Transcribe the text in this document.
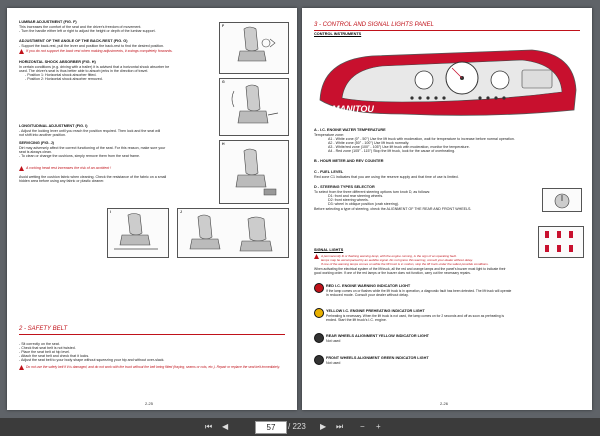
LUMBAR ADJUSTMENT (FIG. F)
This increases the comfort of the seat and the driver's freedom of movement.
- Turn the handle either left or right to adjust the height or depth of the lumbar support.
ADJUSTMENT OF THE ANGLE OF THE BACK-REST (FIG. G)
- Support the back-rest, pull the lever and position the back-rest to find the desired position.
If you do not support the back rest when making adjustments, it swings completely forwards.
HORIZONTAL SHOCK ABSORBER (FIG. H)
In certain conditions (e.g. driving with a trailer) it is advised that a horizontal shock absorber be
used. The driver's seat is thus better able to absorb jerks in the direction of travel.
- Position 1: Horizontal shock absorber fitted.
- Position 2: Horizontal shock absorber removed.
LONGITUDINAL ADJUSTMENT (FIG. I)
- Adjust the locking lever until you reach the position required. Then lock and the seat will
not shift into another position.
SERVICING (FIG. J)
Dirt may adversely affect the correct functioning of the seat. For this reason, make sure your
seat is always clean.
- To clean or change the cushions, simply remove them from the seat frame.
A rocking head rest increases the risk of an accident !
Avoid wetting the cushion fabric when cleaning. Check the resistance of the fabric on a small
hidden area before using any fabric or plastic cleaner.
F
G
H
I	J
2 - SAFETY BELT
- Sit correctly on the seat.
- Check that seat belt is not twisted.
- Place the seat belt at hip level.
- Attach the seat belt and check that it locks.
- Adjust the seat belt to your body shape without squeezing your hip and without over-slack.
Do not use the safety belt if it is damaged, and do not work with the truck without the belt being fitted (fraying, seams or cuts, etc.). Repair or replace the seat belt immediately.
2-25
3 - CONTROL AND SIGNAL LIGHTS PANEL
CONTROL INSTRUMENTS
MANITOU
A - I.C. ENGINE WATER TEMPERATURE
Temperature zone:
A1 - White zone (0° - 50°) Use the lift truck with moderation, wait for temperature to increase before normal operation.
A2 - White zone (50° - 100°) Use lift truck normally.
A3 - White/red zone (100° - 105°) Use lift truck with moderation, monitor the temperature.
A4 - Red zone (105° - 115°) Stop the lift truck, look for the cause of overheating.
B - HOUR METER AND REV COUNTER
C - FUEL LEVEL
Red zone C1 indicates that you are using the reserve supply and that time of use is limited.
D - STEERING TYPES SELECTOR
To select from the three different steering options turn knob D, as follows:
D1: front and rear steering wheels.
D2: front steering wheels.
D3: wheel in oblique position (crab steering).
Before selecting a type of steering, check the ALIGNMENT OF THE REAR AND FRONT WHEELS.
SIGNAL LIGHTS
A permanently lit or flashing warning lamp, with the engine running, is the sign of an operating fault.
lamps may be accompanied by an audible signal. Do not ignore this warning, consult your dealer without delay.
If one of the warning lamps comes on while the lift truck is in motion, stop the lift truck under the safest possible conditions.
When activating the electrical system of the lift truck, all the red and orange lamps and the panel's buzzer must light to indicate their
good working order. If one of the red lamps or the buzzer does not function, carry out the necessary repairs.
RED I.C. ENGINE WARNING INDICATOR LIGHT
If the lamp comes on or flashes while the lift truck is in operation, a diagnostic fault has been detected. The lift truck will operate
in reduced mode. Consult your dealer without delay.
YELLOW I.C. ENGINE PREHEATING INDICATOR LIGHT
Preheating is necessary. When the lift truck is not used, the lamp comes on for 2 seconds and off as soon as preheating is
ended. Start the lift truck's I.C. engine.
REAR WHEELS ALIGNMENT YELLOW INDICATOR LIGHT
Not used
FRONT WHEELS ALIGNMENT GREEN INDICATOR LIGHT
Not used
2-26
⏮ ◀	57	/ 223 ▶ ⏭ − +
